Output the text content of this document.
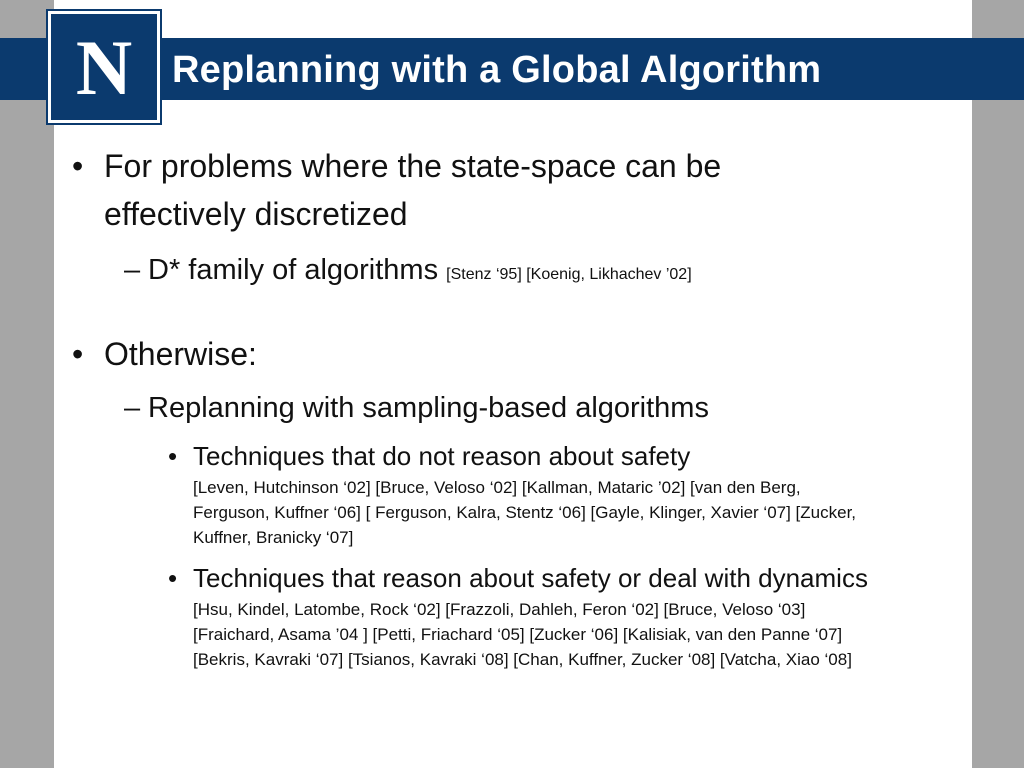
N Replanning with a Global Algorithm
• For problems where the state-space can be
effectively discretized
– D* family of algorithms [Stenz ‘95] [Koenig, Likhachev ’02]
• Otherwise:
– Replanning with sampling-based algorithms
• Techniques that do not reason about safety
[Leven, Hutchinson ‘02] [Bruce, Veloso ‘02] [Kallman, Mataric ’02] [van den Berg,
Ferguson, Kuffner ‘06] [ Ferguson, Kalra, Stentz ‘06] [Gayle, Klinger, Xavier ‘07] [Zucker,
Kuffner, Branicky ‘07]
• Techniques that reason about safety or deal with dynamics
[Hsu, Kindel, Latombe, Rock ‘02] [Frazzoli, Dahleh, Feron ‘02] [Bruce, Veloso ‘03]
[Fraichard, Asama ’04 ] [Petti, Friachard ‘05] [Zucker ‘06] [Kalisiak, van den Panne ‘07]
[Bekris, Kavraki ‘07] [Tsianos, Kavraki ‘08] [Chan, Kuffner, Zucker ‘08] [Vatcha, Xiao ‘08]
